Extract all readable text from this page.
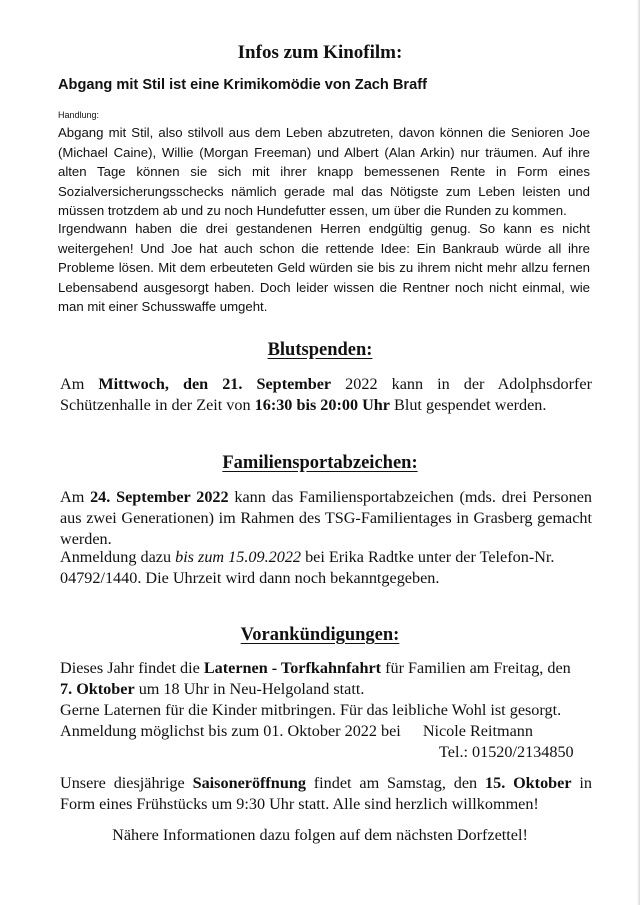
Infos zum Kinofilm:
Abgang mit Stil ist eine Krimikomödie von Zach Braff
Handlung:
Abgang mit Stil, also stilvoll aus dem Leben abzutreten, davon können die Senioren Joe (Michael Caine), Willie (Morgan Freeman) und Albert (Alan Arkin) nur träumen. Auf ihre alten Tage können sie sich mit ihrer knapp bemessenen Rente in Form eines Sozialversicherungsschecks nämlich gerade mal das Nötigste zum Leben leisten und müssen trotzdem ab und zu noch Hundefutter essen, um über die Runden zu kommen.
Irgendwann haben die drei gestandenen Herren endgültig genug. So kann es nicht weitergehen! Und Joe hat auch schon die rettende Idee: Ein Bankraub würde all ihre Probleme lösen. Mit dem erbeuteten Geld würden sie bis zu ihrem nicht mehr allzu fernen Lebensabend ausgesorgt haben. Doch leider wissen die Rentner noch nicht einmal, wie man mit einer Schusswaffe umgeht.
Blutspenden:
Am Mittwoch, den 21. September 2022 kann in der Adolphsdorfer Schützenhalle in der Zeit von 16:30 bis 20:00 Uhr Blut gespendet werden.
Familiensportabzeichen:
Am 24. September 2022 kann das Familiensportabzeichen (mds. drei Personen aus zwei Generationen) im Rahmen des TSG-Familientages in Grasberg gemacht werden.
Anmeldung dazu bis zum 15.09.2022 bei Erika Radtke unter der Telefon-Nr. 04792/1440. Die Uhrzeit wird dann noch bekanntgegeben.
Vorankündigungen:
Dieses Jahr findet die Laternen - Torfkahnfahrt für Familien am Freitag, den
7. Oktober um 18 Uhr in Neu-Helgoland statt.
Gerne Laternen für die Kinder mitbringen. Für das leibliche Wohl ist gesorgt.
Anmeldung möglichst bis zum 01. Oktober 2022 bei Nicole Reitmann
Tel.: 01520/2134850
Unsere diesjährige Saisoneröffnung findet am Samstag, den 15. Oktober in Form eines Frühstücks um 9:30 Uhr statt. Alle sind herzlich willkommen!
Nähere Informationen dazu folgen auf dem nächsten Dorfzettel!
